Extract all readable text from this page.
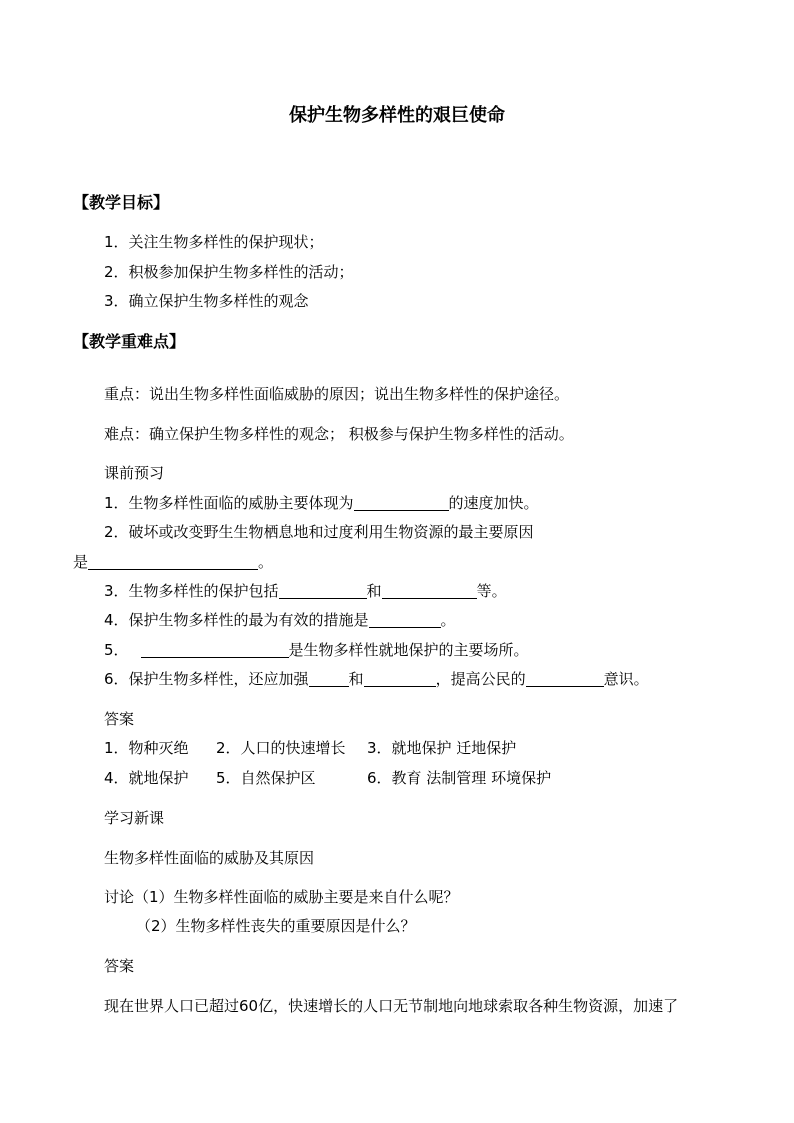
保护生物多样性的艰巨使命
【教学目标】
1．关注生物多样性的保护现状；
2．积极参加保护生物多样性的活动；
3．确立保护生物多样性的观念
【教学重难点】
重点：说出生物多样性面临威胁的原因；说出生物多样性的保护途径。
难点：确立保护生物多样性的观念； 积极参与保护生物多样性的活动。
课前预习
1．生物多样性面临的威胁主要体现为	的速度加快。
2．破坏或改变野生生物栖息地和过度利用生物资源的最主要原因
是	。
3．生物多样性的保护包括	和	等。
4．保护生物多样性的最为有效的措施是	。
5．	是生物多样性就地保护的主要场所。
6．保护生物多样性，还应加强	和	，提高公民的	意识。
答案
1．物种灭绝 2．人口的快速增长 3．就地保护 迁地保护
4．就地保护 5．自然保护区	6．教育 法制管理 环境保护
学习新课
生物多样性面临的威胁及其原因
讨论（1）生物多样性面临的威胁主要是来自什么呢？
（2）生物多样性丧失的重要原因是什么？
答案
现在世界人口已超过60亿，快速增长的人口无节制地向地球索取各种生物资源，加速了
